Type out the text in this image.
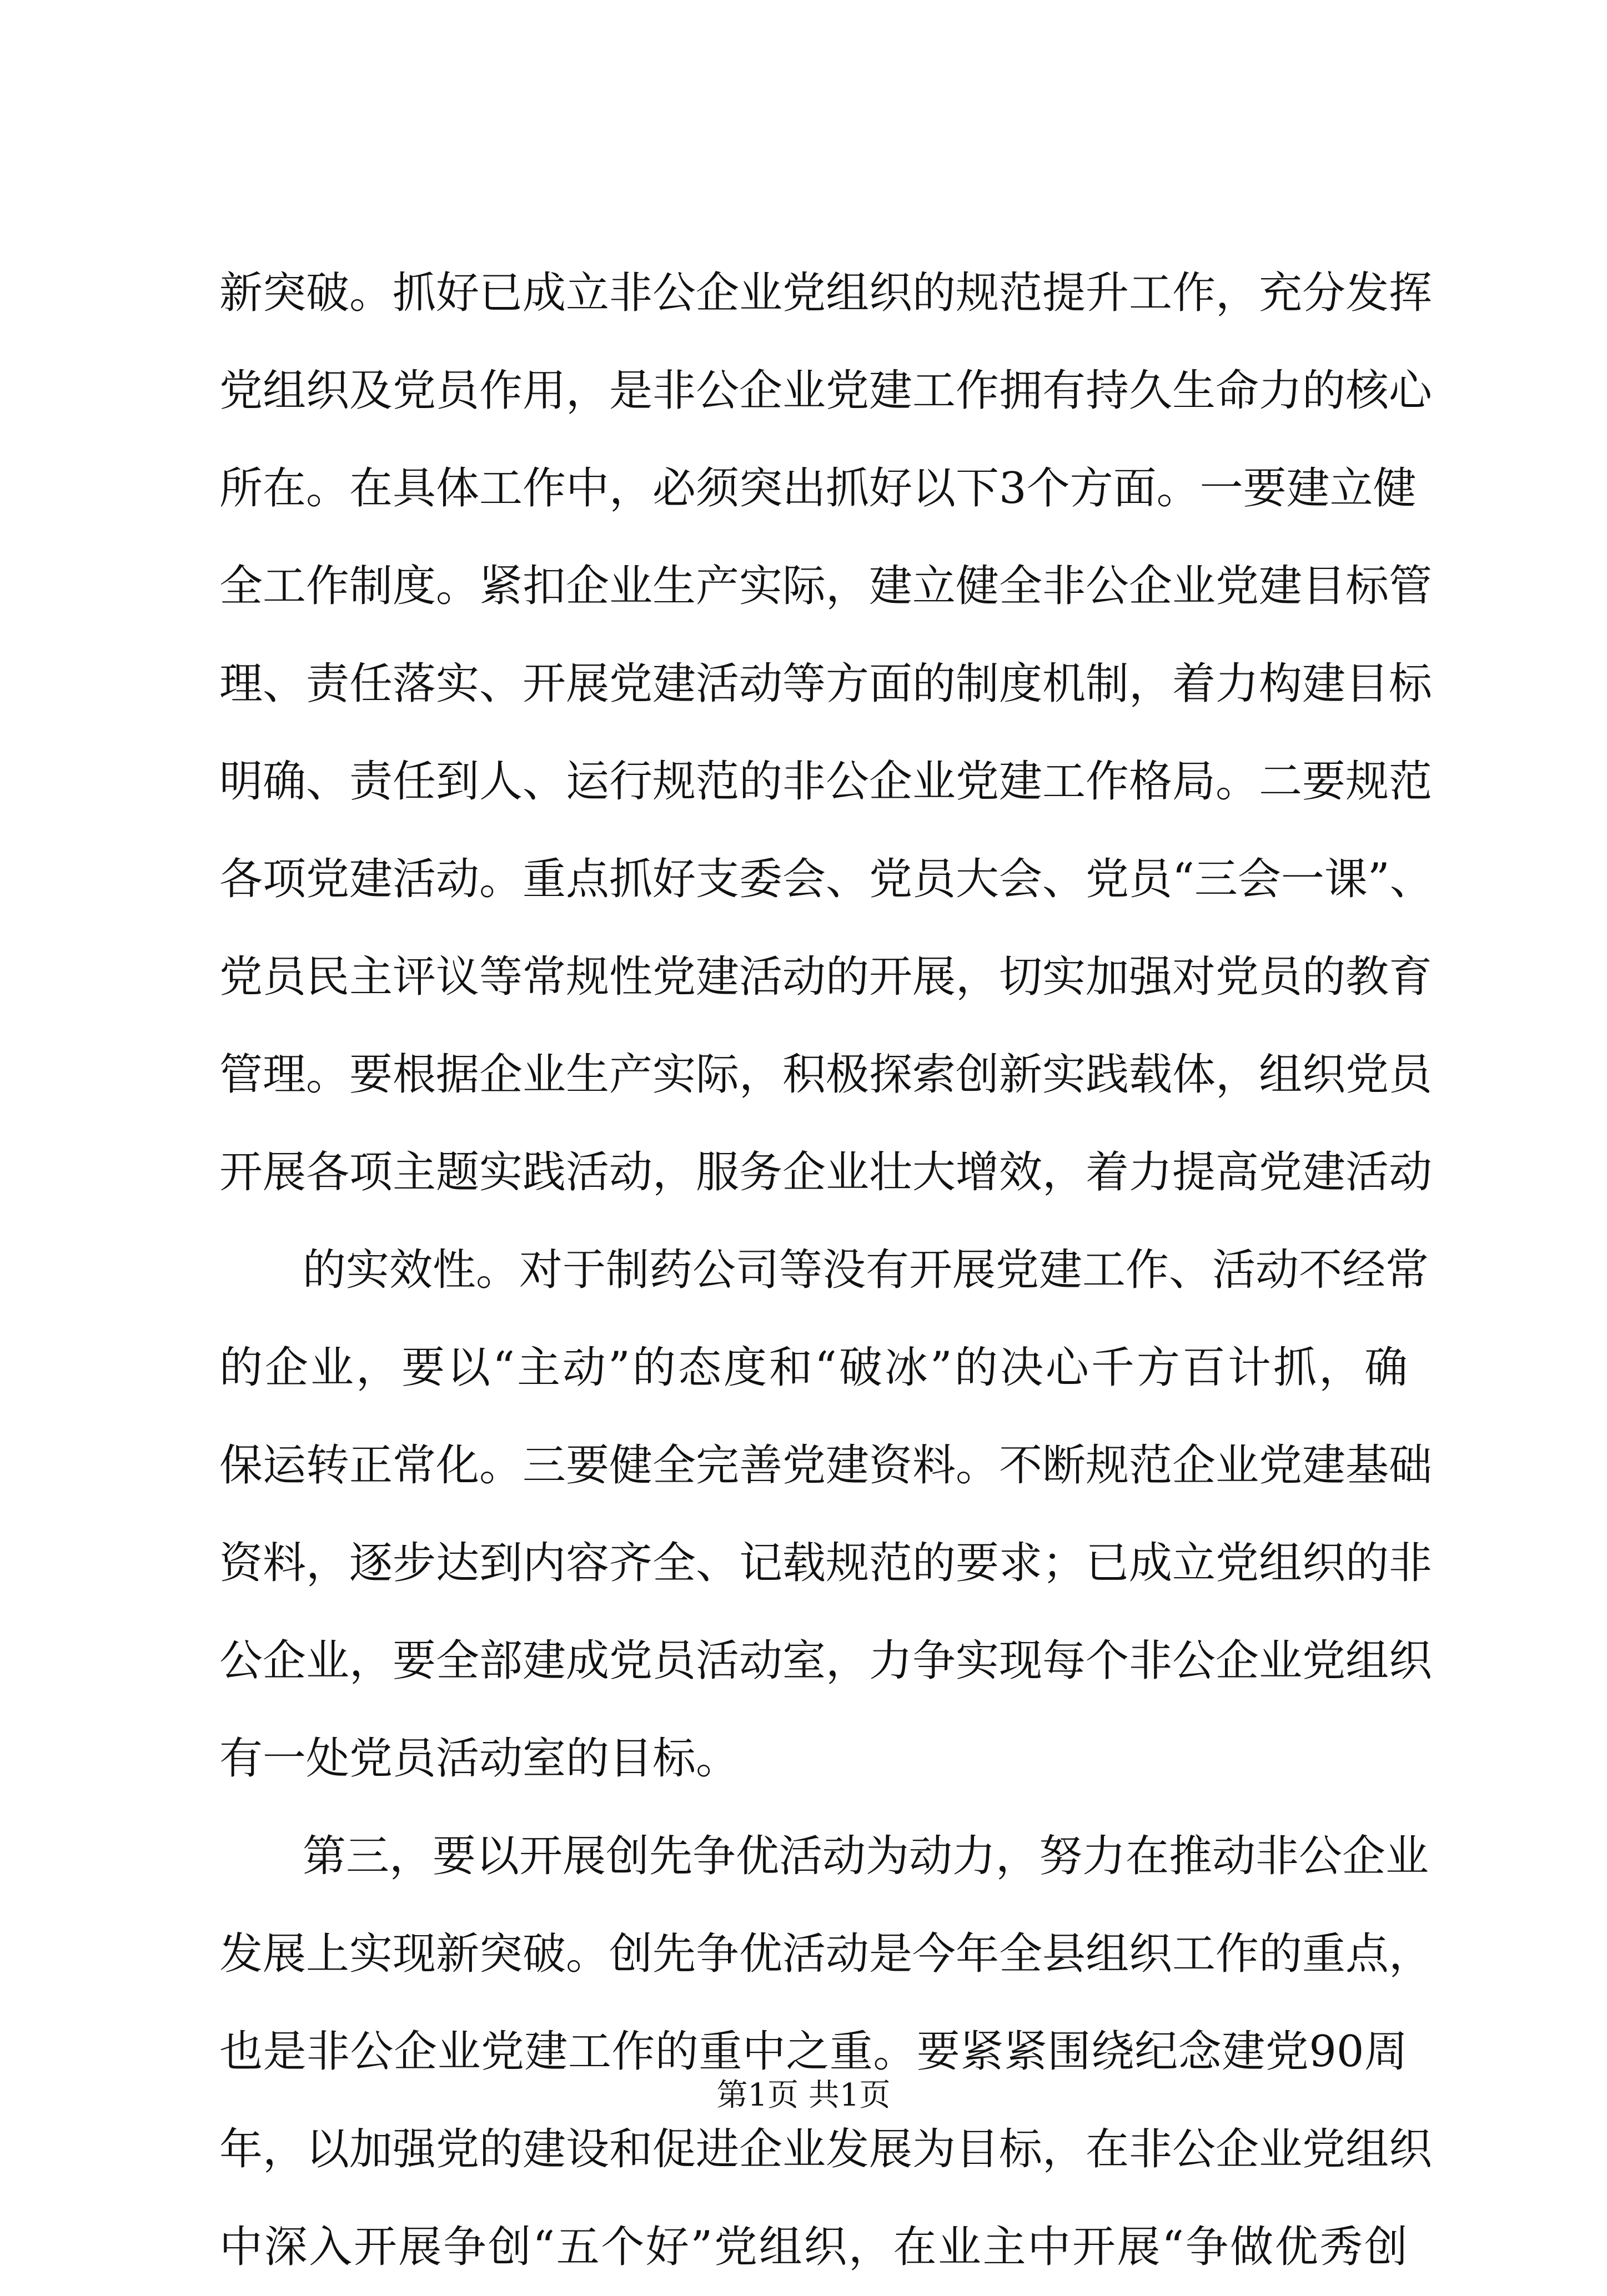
新突破。抓好已成立非公企业党组织的规范提升工作，充分发挥
党组织及党员作用，是非公企业党建工作拥有持久生命力的核心
所在。在具体工作中，必须突出抓好以下3个方面。一要建立健
全工作制度。紧扣企业生产实际，建立健全非公企业党建目标管
理、责任落实、开展党建活动等方面的制度机制，着力构建目标
明确、责任到人、运行规范的非公企业党建工作格局。二要规范
各项党建活动。重点抓好支委会、党员大会、党员“三会一课”、
党员民主评议等常规性党建活动的开展，切实加强对党员的教育
管理。要根据企业生产实际，积极探索创新实践载体，组织党员
开展各项主题实践活动，服务企业壮大增效，着力提高党建活动
的实效性。对于制药公司等没有开展党建工作、活动不经常
的企业，要以“主动”的态度和“破冰”的决心千方百计抓，确
保运转正常化。三要健全完善党建资料。不断规范企业党建基础
资料，逐步达到内容齐全、记载规范的要求；已成立党组织的非
公企业，要全部建成党员活动室，力争实现每个非公企业党组织
有一处党员活动室的目标。
第三，要以开展创先争优活动为动力，努力在推动非公企业
发展上实现新突破。创先争优活动是今年全县组织工作的重点，
也是非公企业党建工作的重中之重。要紧紧围绕纪念建党90周
年，以加强党的建设和促进企业发展为目标，在非公企业党组织
中深入开展争创“五个好”党组织，在业主中开展“争做优秀创
第1页 共1页
